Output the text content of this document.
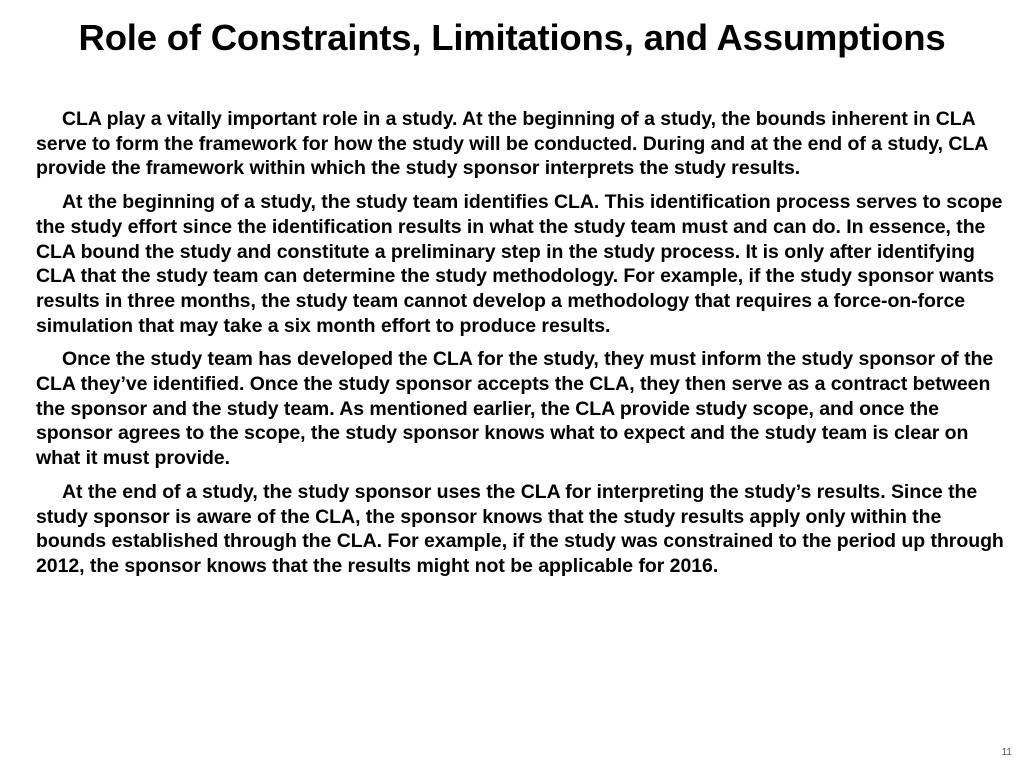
Role of Constraints, Limitations, and Assumptions

CLA play a vitally important role in a study. At the beginning of a study, the bounds inherent in CLA serve to form the framework for how the study will be conducted. During and at the end of a study, CLA provide the framework within which the study sponsor interprets the study results.

At the beginning of a study, the study team identifies CLA. This identification process serves to scope the study effort since the identification results in what the study team must and can do. In essence, the CLA bound the study and constitute a preliminary step in the study process. It is only after identifying CLA that the study team can determine the study methodology. For example, if the study sponsor wants results in three months, the study team cannot develop a methodology that requires a force-on-force simulation that may take a six month effort to produce results.

Once the study team has developed the CLA for the study, they must inform the study sponsor of the CLA they’ve identified. Once the study sponsor accepts the CLA, they then serve as a contract between the sponsor and the study team. As mentioned earlier, the CLA provide study scope, and once the sponsor agrees to the scope, the study sponsor knows what to expect and the study team is clear on what it must provide.

At the end of a study, the study sponsor uses the CLA for interpreting the study’s results. Since the study sponsor is aware of the CLA, the sponsor knows that the study results apply only within the bounds established through the CLA. For example, if the study was constrained to the period up through 2012, the sponsor knows that the results might not be applicable for 2016.

11
